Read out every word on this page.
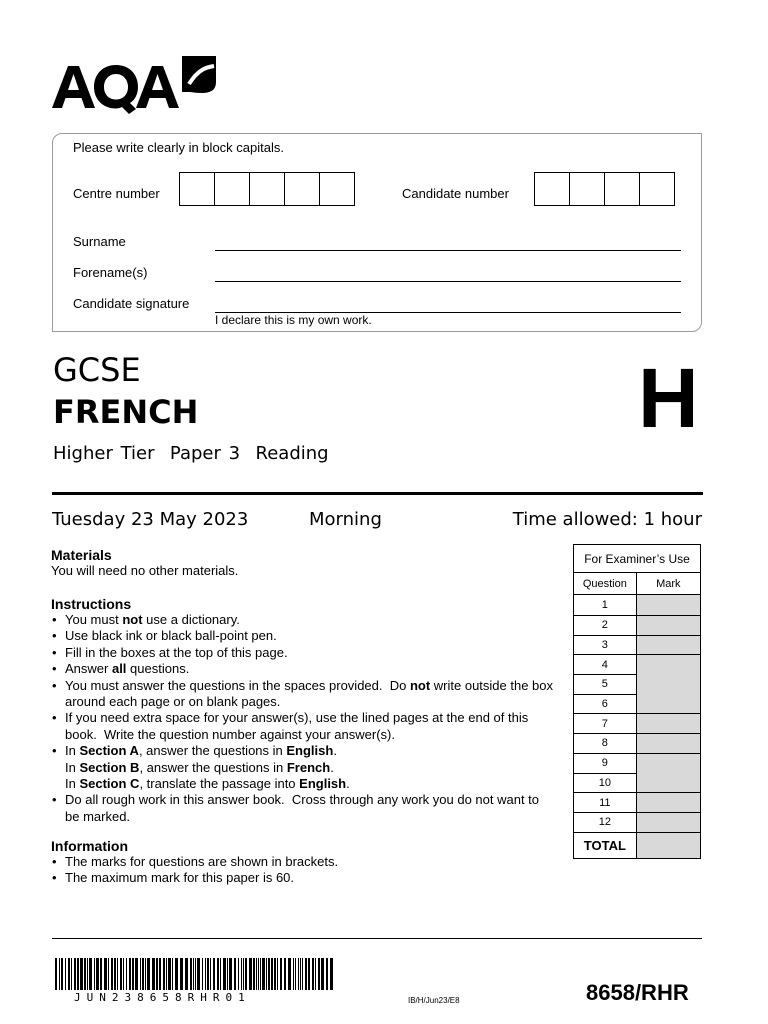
Please write clearly in block capitals.
Centre number	Candidate number
Surname
Forename(s)
Candidate signature
I declare this is my own work.
GCSE
FRENCH
Higher Tier  Paper 3  Reading
H
Tuesday 23 May 2023	Morning	Time allowed: 1 hour
Materials
You will need no other materials.
Instructions
• You must not use a dictionary.
• Use black ink or black ball-point pen.
• Fill in the boxes at the top of this page.
• Answer all questions.
• You must answer the questions in the spaces provided.  Do not write outside the box around each page or on blank pages.
• If you need extra space for your answer(s), use the lined pages at the end of this book.  Write the question number against your answer(s).
• In Section A, answer the questions in English.
In Section B, answer the questions in French.
In Section C, translate the passage into English.
• Do all rough work in this answer book.  Cross through any work you do not want to be marked.
Information
• The marks for questions are shown in brackets.
• The maximum mark for this paper is 60.
For Examiner’s Use	
Question	Mark
1	
2	
3	
4	
5	
6	
7	
8	
9	
10	
11	
12	
TOTAL	
JUN238658RHR01	IB/H/Jun23/E8	8658/RHR
